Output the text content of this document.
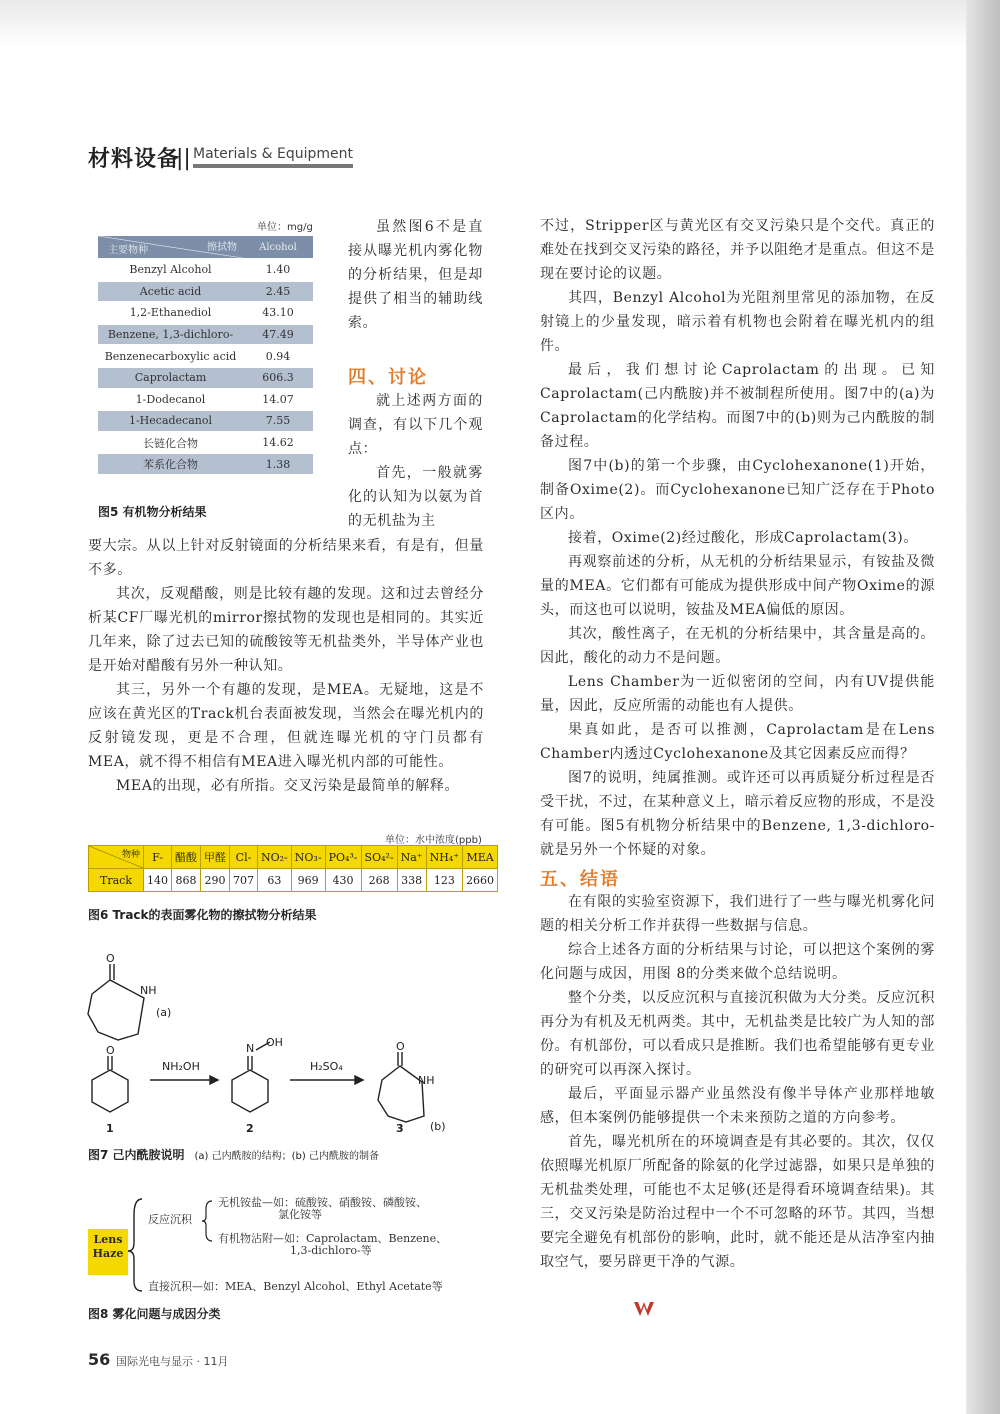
材料设备
|| Materials & Equipment
单位：mg/g
主要物种 擦拭物	Alcohol
Benzyl Alcohol	1.40
Acetic acid	2.45
1,2-Ethanediol	43.10
Benzene, 1,3-dichloro-	47.49
Benzenecarboxylic acid	0.94
Caprolactam	606.3
1-Dodecanol	14.07
1-Hecadecanol	7.55
长链化合物	14.62
苯系化合物	1.38
图5 有机物分析结果

虽然图6不是直接从曝光机内雾化物的分析结果，但是却提供了相当的辅助线索。

四、讨论

就上述两方面的调查，有以下几个观点：

首先，一般就雾化的认知为以氨为首的无机盐为主

要大宗。从以上针对反射镜面的分析结果来看，有是有，但量不多。

其次，反观醋酸，则是比较有趣的发现。这和过去曾经分析某CF厂曝光机的mirror擦拭物的发现也是相同的。其实近几年来，除了过去已知的硫酸铵等无机盐类外，半导体产业也是开始对醋酸有另外一种认知。

其三，另外一个有趣的发现，是MEA。无疑地，这是不应该在黄光区的Track机台表面被发现，当然会在曝光机内的反射镜发现，更是不合理，但就连曝光机的守门员都有MEA，就不得不相信有MEA进入曝光机内部的可能性。

MEA的出现，必有所指。交叉污染是最简单的解释。

单位：水中浓度(ppb)
物种	F-	醋酸	甲醛	Cl-	NO₂-	NO₃-	PO₄³-	SO₄²-	Na⁺	NH₄⁺	MEA
Track	140	868	290	707	63	969	430	268	338	123	2660
图6 Track的表面雾化物的擦拭物分析结果
O
NH
(a)
O
NH₂OH
N OH
H₂SO₄
O
NH
1	2	3 (b)
图7 己内酰胺说明 (a) 己内酰胺的结构；(b) 己内酰胺的制备
Lens Haze
反应沉积
无机铵盐—如：硫酸铵、硝酸铵、磷酸铵、
氯化铵等
有机物沾附—如：Caprolactam、Benzene、
1,3-dichloro-等
直接沉积—如：MEA、Benzyl Alcohol、Ethyl Acetate等
图8 雾化问题与成因分类

不过，Stripper区与黄光区有交叉污染只是个交代。真正的难处在找到交叉污染的路径，并予以阻绝才是重点。但这不是现在要讨论的议题。

其四，Benzyl Alcohol为光阻剂里常见的添加物，在反射镜上的少量发现，暗示着有机物也会附着在曝光机内的组件。

最后，我们想讨论Caprolactam的出现。已知Caprolactam(己内酰胺)并不被制程所使用。图7中的(a)为Caprolactam的化学结构。而图7中的(b)则为己内酰胺的制备过程。

图7中(b)的第一个步骤，由Cyclohexanone(1)开始，制备Oxime(2)。而Cyclohexanone已知广泛存在于Photo区内。

接着，Oxime(2)经过酸化，形成Caprolactam(3)。

再观察前述的分析，从无机的分析结果显示，有铵盐及微量的MEA。它们都有可能成为提供形成中间产物Oxime的源头，而这也可以说明，铵盐及MEA偏低的原因。

其次，酸性离子，在无机的分析结果中，其含量是高的。因此，酸化的动力不是问题。

Lens Chamber为一近似密闭的空间，内有UV提供能量，因此，反应所需的动能也有人提供。

果真如此，是否可以推测，Caprolactam是在Lens Chamber内透过Cyclohexanone及其它因素反应而得？

图7的说明，纯属推测。或许还可以再质疑分析过程是否受干扰，不过，在某种意义上，暗示着反应物的形成，不是没有可能。图5有机物分析结果中的Benzene, 1,3-dichloro-就是另外一个怀疑的对象。

五、结语

在有限的实验室资源下，我们进行了一些与曝光机雾化问题的相关分析工作并获得一些数据与信息。

综合上述各方面的分析结果与讨论，可以把这个案例的雾化问题与成因，用图 8的分类来做个总结说明。

整个分类，以反应沉积与直接沉积做为大分类。反应沉积再分为有机及无机两类。其中，无机盐类是比较广为人知的部份。有机部份，可以看成只是推断。我们也希望能够有更专业的研究可以再深入探讨。

最后，平面显示器产业虽然没有像半导体产业那样地敏感，但本案例仍能够提供一个未来预防之道的方向参考。

首先，曝光机所在的环境调查是有其必要的。其次，仅仅依照曝光机原厂所配备的除氨的化学过滤器，如果只是单独的无机盐类处理，可能也不太足够(还是得看环境调查结果)。其三，交叉污染是防治过程中一个不可忽略的环节。其四，当想要完全避免有机部份的影响，此时，就不能还是从洁净室内抽取空气，要另辟更干净的气源。

56 国际光电与显示 · 11月
